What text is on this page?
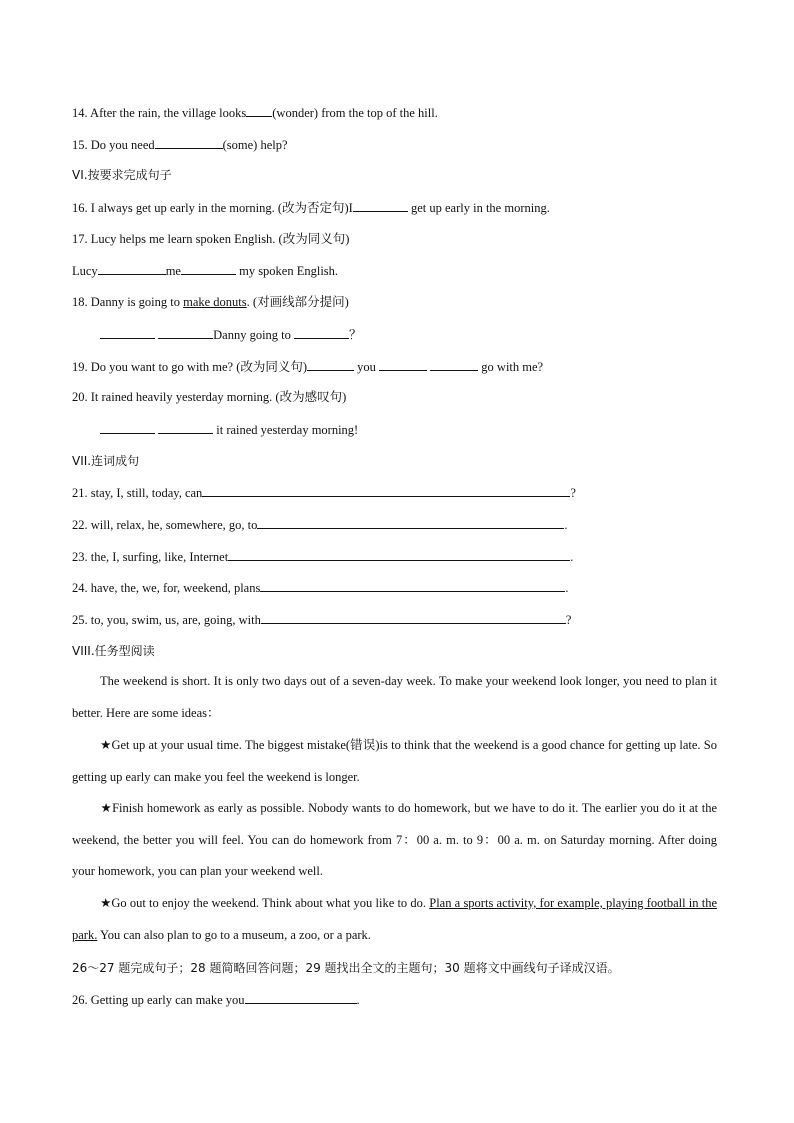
14. After the rain, the village looks (wonder) from the top of the hill.
15. Do you need	(some) help?
VI.按要求完成句子
16. I always get up early in the morning. (改为否定句)I	get up early in the morning.
17. Lucy helps me learn spoken English. (改为同义句)
Lucy	me	my spoken English.
18. Danny is going to make donuts. (对画线部分提问)
Danny going to	？
19. Do you want to go with me? (改为同义句)	you	go with me?
20. It rained heavily yesterday morning. (改为感叹句)
it rained yesterday morning!
VII.连词成句
21. stay, I, still, today, can	?
22. will, relax, he, somewhere, go, to	.
23. the, I, surfing, like, Internet	.
24. have, the, we, for, weekend, plans	.
25. to, you, swim, us, are, going, with	?
VIII.任务型阅读
The weekend is short. It is only two days out of a seven-day week. To make your weekend look longer, you need to plan it better. Here are some ideas：
★Get up at your usual time. The biggest mistake(错误)is to think that the weekend is a good chance for getting up late. So getting up early can make you feel the weekend is longer.
★Finish homework as early as possible. Nobody wants to do homework, but we have to do it. The earlier you do it at the weekend, the better you will feel. You can do homework from 7：00 a. m. to 9：00 a. m. on Saturday morning. After doing your homework, you can plan your weekend well.
★Go out to enjoy the weekend. Think about what you like to do. Plan a sports activity, for example, playing football in the park. You can also plan to go to a museum, a zoo, or a park.
26～27 题完成句子；28 题简略回答问题；29 题找出全文的主题句；30 题将文中画线句子译成汉语。
26. Getting up early can make you	.
